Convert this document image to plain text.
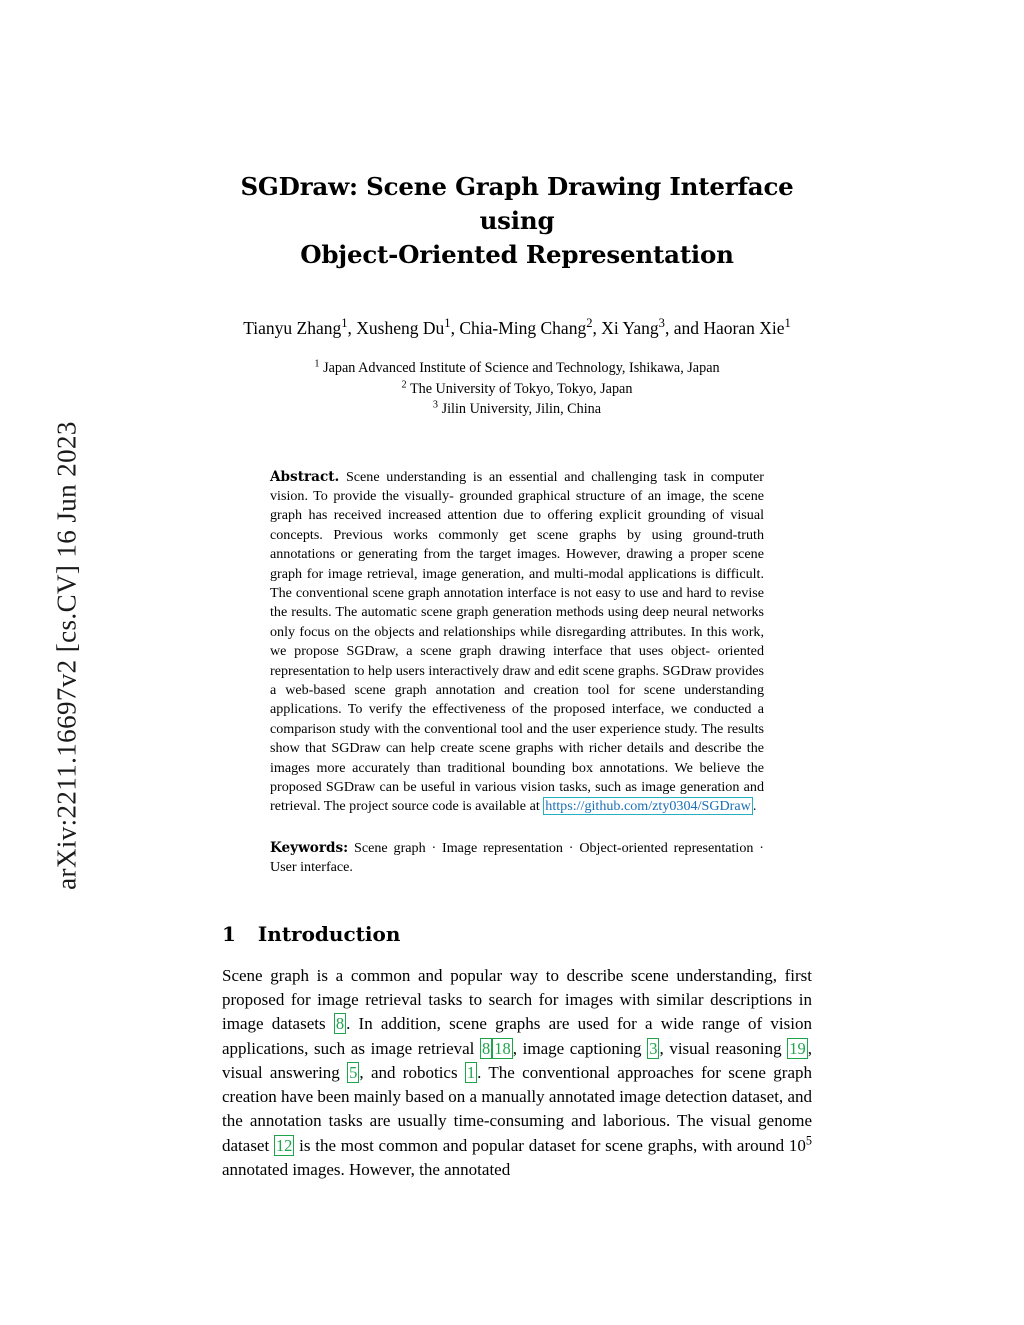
arXiv:2211.16697v2 [cs.CV] 16 Jun 2023
SGDraw: Scene Graph Drawing Interface using
Object-Oriented Representation
Tianyu Zhang$^1$, Xusheng Du$^1$, Chia-Ming Chang$^2$, Xi Yang$^3$, and Haoran Xie$^1$
$^1$ Japan Advanced Institute of Science and Technology, Ishikawa, Japan
$^2$ The University of Tokyo, Tokyo, Japan
$^3$ Jilin University, Jilin, China
Abstract. Scene understanding is an essential and challenging task in computer vision. To provide the visually- grounded graphical structure of an image, the scene graph has received increased attention due to offering explicit grounding of visual concepts. Previous works commonly get scene graphs by using ground-truth annotations or generating from the target images. However, drawing a proper scene graph for image retrieval, image generation, and multi-modal applications is difficult. The conventional scene graph annotation interface is not easy to use and hard to revise the results. The automatic scene graph generation methods using deep neural networks only focus on the objects and relationships while disregarding attributes. In this work, we propose SGDraw, a scene graph drawing interface that uses object- oriented representation to help users interactively draw and edit scene graphs. SGDraw provides a web-based scene graph annotation and creation tool for scene understanding applications. To verify the effectiveness of the proposed interface, we conducted a comparison study with the conventional tool and the user experience study. The results show that SGDraw can help create scene graphs with richer details and describe the images more accurately than traditional bounding box annotations. We believe the proposed SGDraw can be useful in various vision tasks, such as image generation and retrieval. The project source code is available at https://github.com/zty0304/SGDraw .
Keywords: Scene graph · Image representation · Object-oriented representation · User interface.
1 Introduction
Scene graph is a common and popular way to describe scene understanding, first proposed for image retrieval tasks to search for images with similar descriptions in image datasets 8 . In addition, scene graphs are used for a wide range of vision applications, such as image retrieval 8 18 , image captioning 3 , visual reasoning 19 , visual answering 5 , and robotics 1 . The conventional approaches for scene graph creation have been mainly based on a manually annotated image detection dataset, and the annotation tasks are usually time-consuming and laborious. The visual genome dataset 12 is the most common and popular dataset for scene graphs, with around $10^5$ annotated images. However, the annotated
